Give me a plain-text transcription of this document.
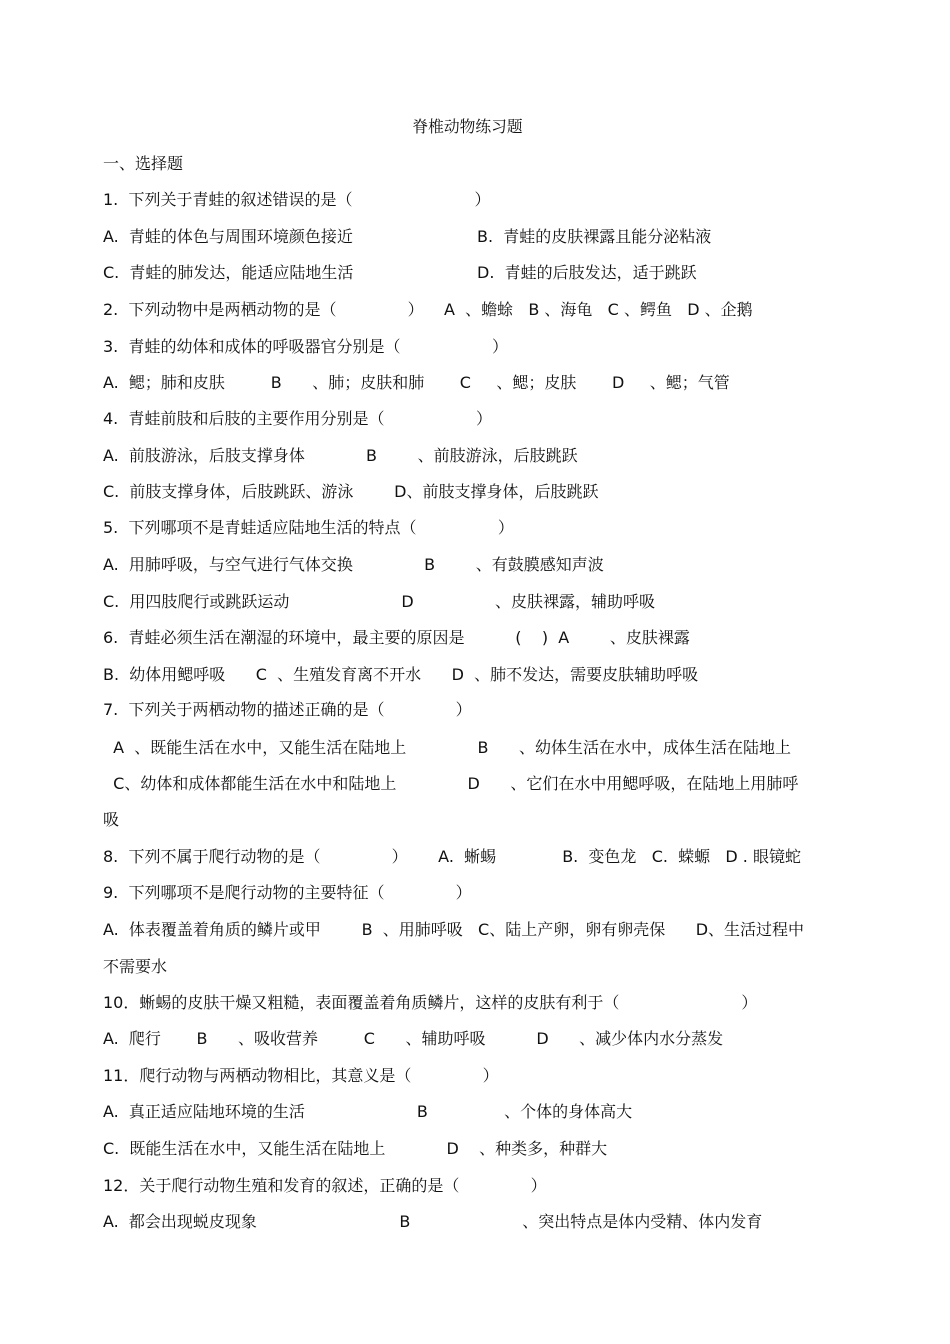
脊椎动物练习题
一、选择题
1.  下列关于青蛙的叙述错误的是（                        ）
A.  青蛙的体色与周围环境颜色接近	B.  青蛙的皮肤裸露且能分泌粘液
C.  青蛙的肺发达，能适应陆地生活	D.  青蛙的后肢发达，适于跳跃
2.  下列动物中是两栖动物的是（              ）    A  、蟾蜍   B 、海龟   C 、鳄鱼   D 、企鹅
3.  青蛙的幼体和成体的呼吸器官分别是（                  ）
A.  鳃；肺和皮肤         B      、肺；皮肤和肺       C     、鳃；皮肤       D     、鳃；气管
4.  青蛙前肢和后肢的主要作用分别是（                  ）
A.  前肢游泳，后肢支撑身体            B        、前肢游泳，后肢跳跃
C.  前肢支撑身体，后肢跳跃、游泳        D、前肢支撑身体，后肢跳跃
5.  下列哪项不是青蛙适应陆地生活的特点（                ）
A.  用肺呼吸，与空气进行气体交换              B        、有鼓膜感知声波
C.  用四肢爬行或跳跃运动                      D                、皮肤裸露，辅助呼吸
6.  青蛙必须生活在潮湿的环境中，最主要的原因是          (    )  A        、皮肤裸露
B.  幼体用鳃呼吸      C  、生殖发育离不开水      D  、肺不发达，需要皮肤辅助呼吸
7.  下列关于两栖动物的描述正确的是（              ）
A  、既能生活在水中，又能生活在陆地上              B      、幼体生活在水中，成体生活在陆地上
C、幼体和成体都能生活在水中和陆地上              D      、它们在水中用鳃呼吸，在陆地上用肺呼
吸
8.  下列不属于爬行动物的是（              ）      A.  蜥蜴             B.  变色龙   C.  蝾螈   D . 眼镜蛇
9.  下列哪项不是爬行动物的主要特征（              ）
A.  体表覆盖着角质的鳞片或甲        B  、用肺呼吸   C、陆上产卵，卵有卵壳保      D、生活过程中
不需要水
10．蜥蜴的皮肤干燥又粗糙，表面覆盖着角质鳞片，这样的皮肤有利于（                        ）
A.  爬行       B      、吸收营养         C      、辅助呼吸          D      、减少体内水分蒸发
11．爬行动物与两栖动物相比，其意义是（              ）
A.  真正适应陆地环境的生活                      B               、个体的身体高大
C.  既能生活在水中，又能生活在陆地上            D    、种类多，种群大
12．关于爬行动物生殖和发育的叙述，正确的是（              ）
A.  都会出现蜕皮现象                            B                      、突出特点是体内受精、体内发育
